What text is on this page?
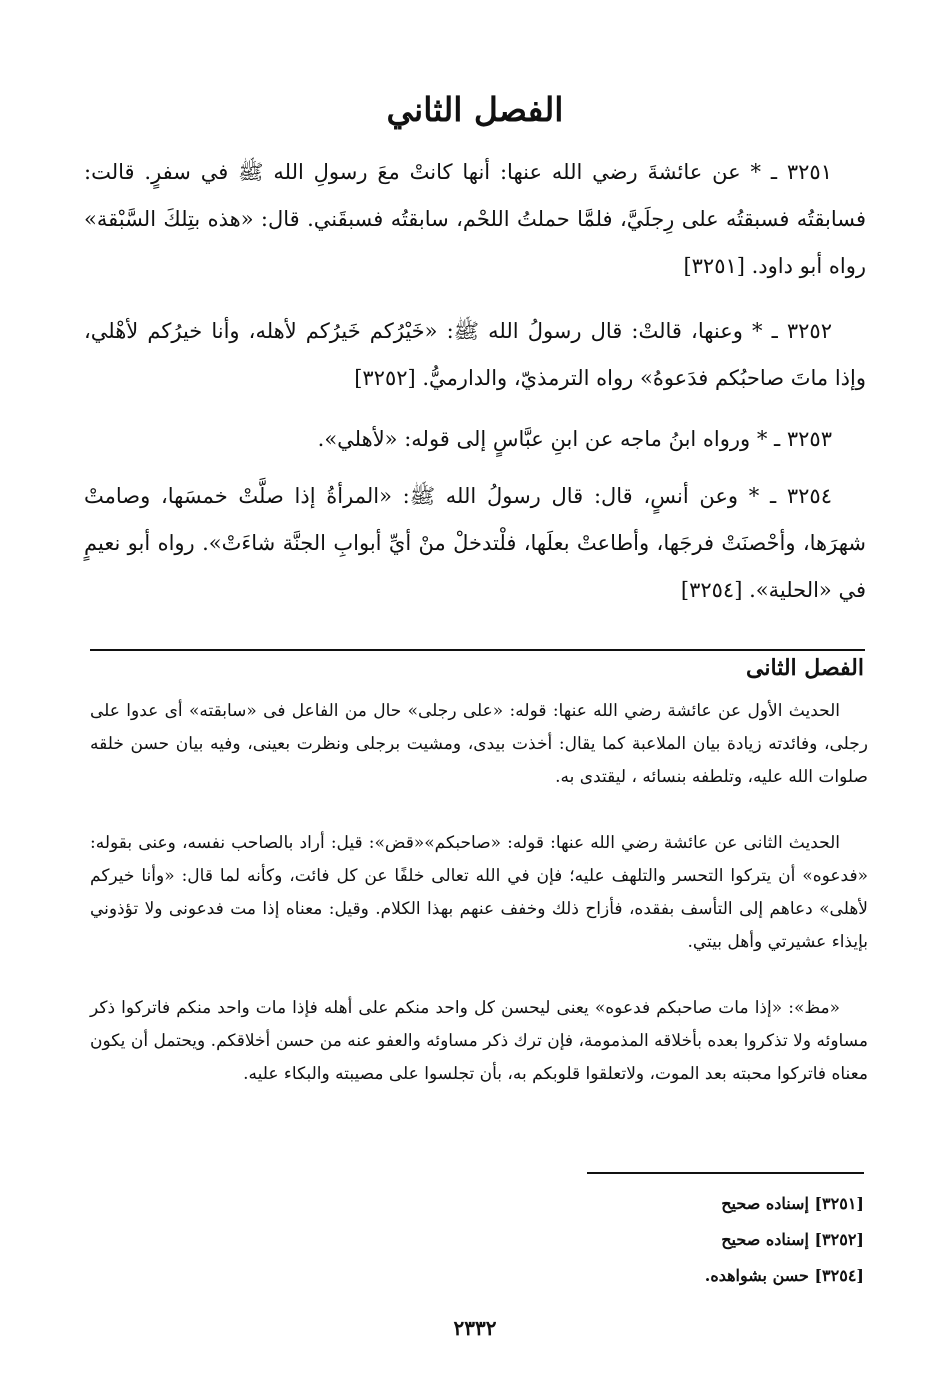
الفصل الثاني

٣٢٥١ ـ * عن عائشةَ رضي الله عنها: أنها كانتْ معَ رسولِ الله ﷺ في سفرٍ. قالت: فسابقتُه فسبقتُه على رِجلَيَّ، فلمَّا حملتُ اللحْم، سابقتُه فسبقَني. قال: «هذه بتِلكَ السَّبْقة» رواه أبو داود. [٣٢٥١]

٣٢٥٢ ـ * وعنها، قالتْ: قال رسولُ الله ﷺ: «خَيْرُكم خَيرُكم لأهله، وأنا خيرُكم لأهْلي، وإذا ماتَ صاحبُكم فدَعوهُ» رواه الترمذيّ، والدارميُّ. [٣٢٥٢]

٣٢٥٣ ـ * ورواه ابنُ ماجه عن ابنِ عبَّاسٍ إلى قوله: «لأهلي».

٣٢٥٤ ـ * وعن أنسٍ، قال: قال رسولُ الله ﷺ: «المرأةُ إذا صلَّتْ خمسَها، وصامتْ شهرَها، وأحْصنَتْ فرجَها، وأطاعتْ بعلَها، فلْتدخلْ منْ أيِّ أبوابِ الجنَّة شاءَتْ». رواه أبو نعيمٍ في «الحلية». [٣٢٥٤]

الفصل الثانى

الحديث الأول عن عائشة رضي الله عنها: قوله: «على رجلى» حال من الفاعل فى «سابقته» أى عدوا على رجلى، وفائدته زيادة بيان الملاعبة كما يقال: أخذت بيدى، ومشيت برجلى ونظرت بعينى، وفيه بيان حسن خلقه صلوات الله عليه، وتلطفه بنسائه ، ليقتدى به.

الحديث الثانى عن عائشة رضي الله عنها: قوله: «صاحبكم»«قض»: قيل: أراد بالصاحب نفسه، وعنى بقوله: «فدعوه» أن يتركوا التحسر والتلهف عليه؛ فإن في الله تعالى خلفًا عن كل فائت، وكأنه لما قال: «وأنا خيركم لأهلى» دعاهم إلى التأسف بفقده، فأزاح ذلك وخفف عنهم بهذا الكلام. وقيل: معناه إذا مت فدعونى ولا تؤذوني بإيذاء عشيرتي وأهل بيتي.

«مظ»: «إذا مات صاحبكم فدعوه» يعنى ليحسن كل واحد منكم على أهله فإذا مات واحد منكم فاتركوا ذكر مساوئه ولا تذكروا بعده بأخلاقه المذمومة، فإن ترك ذكر مساوئه والعفو عنه من حسن أخلاقكم. ويحتمل أن يكون معناه فاتركوا محبته بعد الموت، ولاتعلقوا قلوبكم به، بأن تجلسوا على مصيبته والبكاء عليه.

[٣٢٥١] إسناده صحيح
[٣٢٥٢] إسناده صحيح
[٣٢٥٤] حسن بشواهده.
٢٣٣٢
